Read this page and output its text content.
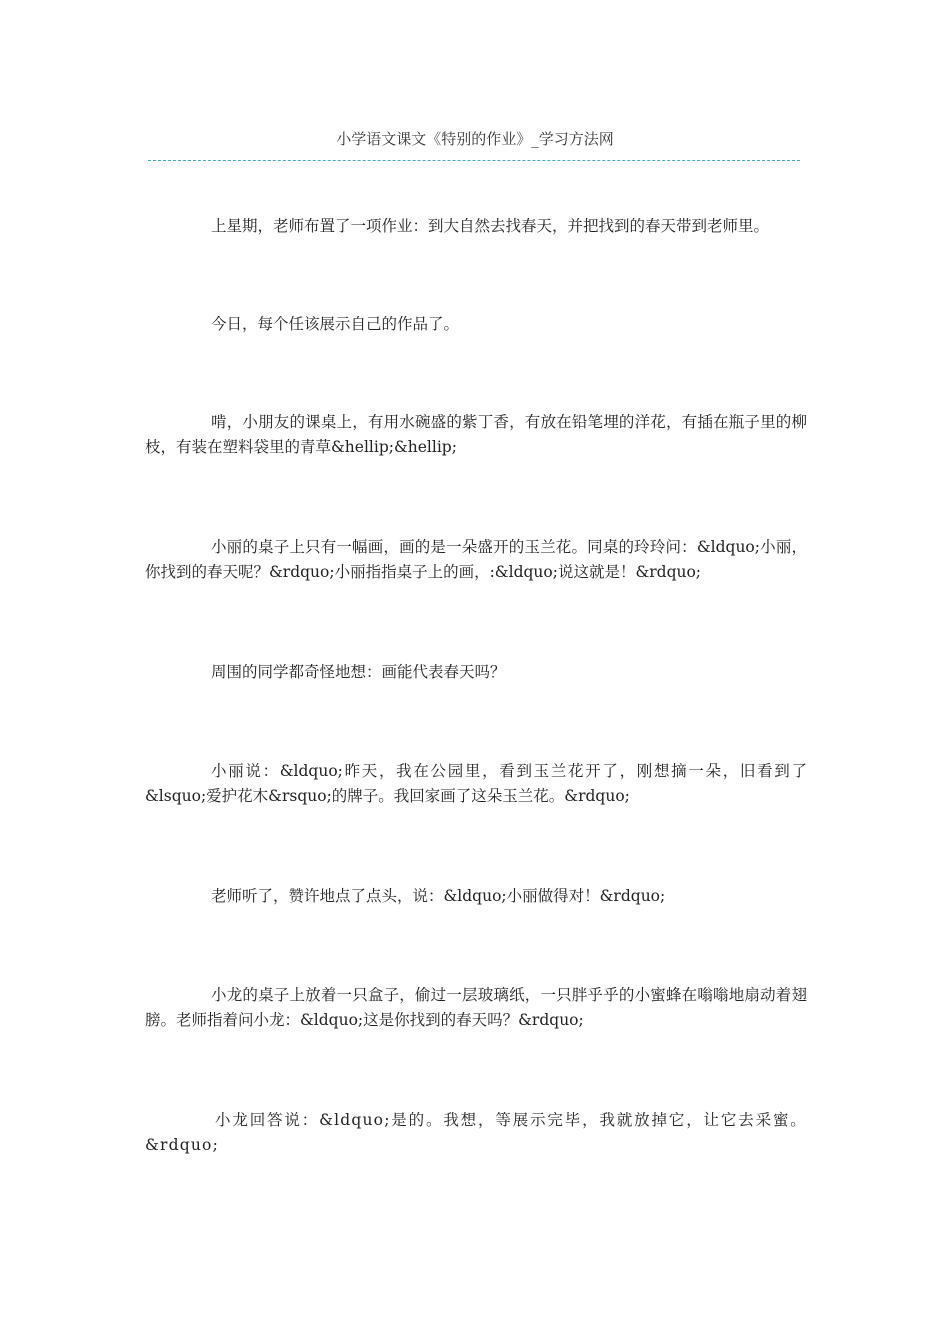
小学语文课文《特别的作业》_学习方法网

上星期，老师布置了一项作业：到大自然去找春天，并把找到的春天带到老师里。

今日，每个任该展示自己的作品了。

啃，小朋友的课桌上，有用水碗盛的紫丁香，有放在铅笔埋的洋花，有插在瓶子里的柳枝，有装在塑料袋里的青草&hellip;&hellip;

小丽的桌子上只有一幅画，画的是一朵盛开的玉兰花。同桌的玲玲问：&ldquo;小丽，你找到的春天呢？&rdquo;小丽指指桌子上的画，:&ldquo;说这就是！&rdquo;

周围的同学都奇怪地想：画能代表春天吗？

小丽说：&ldquo;昨天，我在公园里，看到玉兰花开了，刚想摘一朵，旧看到了&lsquo;爱护花木&rsquo;的牌子。我回家画了这朵玉兰花。&rdquo;

老师听了，赞许地点了点头，说：&ldquo;小丽做得对！&rdquo;

小龙的桌子上放着一只盒子，偷过一层玻璃纸，一只胖乎乎的小蜜蜂在嗡嗡地扇动着翅膀。老师指着问小龙：&ldquo;这是你找到的春天吗？&rdquo;

小龙回答说：&ldquo;是的。我想，等展示完毕，我就放掉它，让它去采蜜。&rdquo;
